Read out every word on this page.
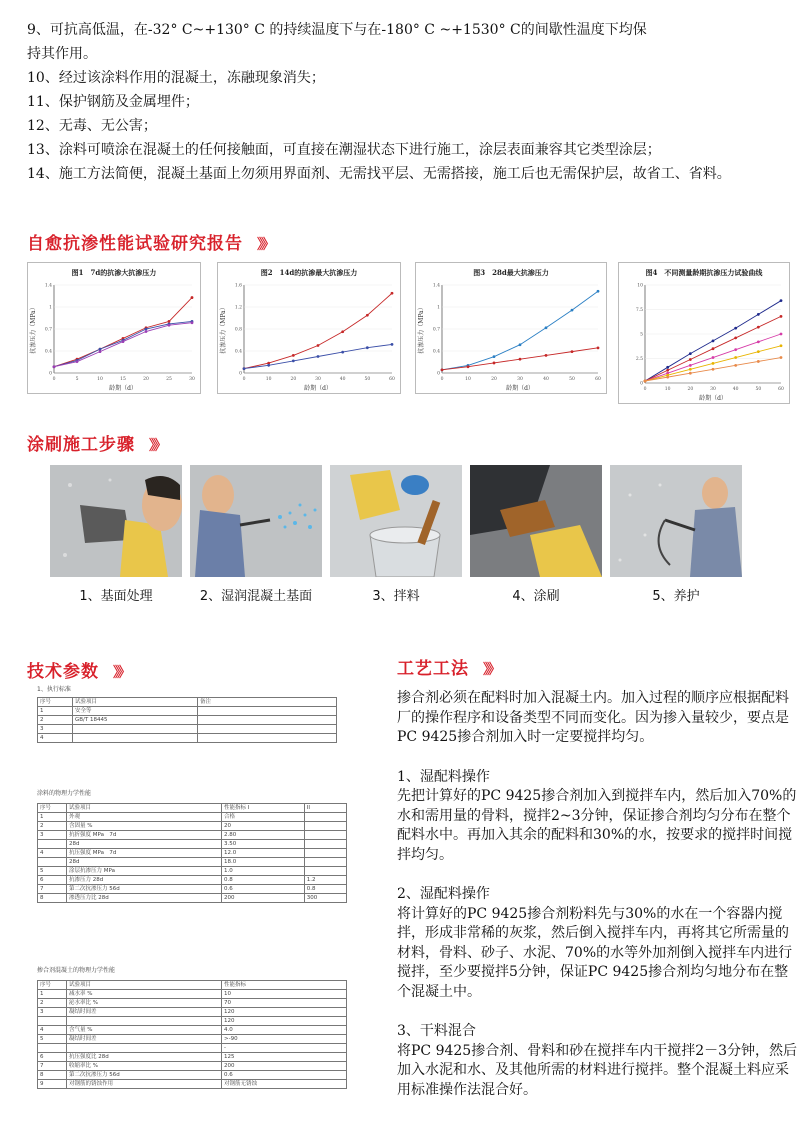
9、可抗高低温，在-32° C~+130° C 的持续温度下与在-180° C ~+1530° C的间歇性温度下均保
持其作用。
10、经过该涂料作用的混凝土，冻融现象消失；
11、保护钢筋及金属埋件；
12、无毒、无公害；
13、涂料可喷涂在混凝土的任何接触面，可直接在潮湿状态下进行施工，涂层表面兼容其它类型涂层；
14、施工方法简便，混凝土基面上勿须用界面剂、无需找平层、无需搭接，施工后也无需保护层，故省工、省料。
自愈抗渗性能试验研究报告 》》
图1　7d的抗渗大抗渗压力
0	5	10	15	20	25	30
0
0.4
0.7
1
1.4
龄期（d）
抗渗压力（MPa）
图2　14d的抗渗最大抗渗压力
0	10	20	30	40	50	60
0
0.4
0.8
1.2
1.6
龄期（d）
抗渗压力（MPa）
图3　28d最大抗渗压力
0	10	20	30	40	50	60
0
0.4
0.7
1
1.4
龄期（d）
抗渗压力（MPa）
图4　不同测量龄期抗渗压力试验曲线
0	10	20	30	40	50	60
0
2.5
5
7.5
10
龄期（d）
涂刷施工步骤 》》
1、基面处理	2、湿润混凝土基面	3、拌料	4、涂刷	5、养护
技术参数 》》
1、执行标准
序号	试验项目	备注
1	安全等	
2	GB/T 18445	
3		
4		
涂料的物理力学性能
序号	试验项目	性能指标 I	II
1	外观	合格	
2	含固量 %	20	
3	抗折强度 MPa　7d	2.80	
	28d	3.50	
4	抗压强度 MPa　7d	12.0	
	28d	18.0	
5	涂层抗渗压力 MPa	1.0	
6	抗渗压力 28d	0.8	1.2
7	第二次抗渗压力 56d	0.6	0.8
8	渗透压力比 28d	200	300
掺合剂混凝土的物理力学性能
序号	试验项目	性能指标
1	减水率 %	10
2	泌水率比 %	70
3	凝结时间差	120
		120
4	含气量 %	4.0
5	凝结时间差	>-90
		-
6	抗压强度比 28d	125
7	收缩率比 %	200
8	第二次抗渗压力 56d	0.6
9	对钢筋的锈蚀作用	对钢筋无锈蚀
工艺工法 》》

掺合剂必须在配料时加入混凝土内。加入过程的顺序应根据配料厂的操作程序和设备类型不同而变化。因为掺入量较少，要点是PC 9425掺合剂加入时一定要搅拌均匀。

1、湿配料操作

先把计算好的PC 9425掺合剂加入到搅拌车内，然后加入70%的水和需用量的骨料，搅拌2~3分钟，保证掺合剂均匀分布在整个配料水中。再加入其余的配料和30%的水，按要求的搅拌时间搅拌均匀。

2、湿配料操作

将计算好的PC 9425掺合剂粉料先与30%的水在一个容器内搅拌，形成非常稀的灰浆，然后倒入搅拌车内，再将其它所需量的材料，骨料、砂子、水泥、70%的水等外加剂倒入搅拌车内进行搅拌，至少要搅拌5分钟，保证PC 9425掺合剂均匀地分布在整个混凝土中。

3、干料混合

将PC 9425掺合剂、骨料和砂在搅拌车内干搅拌2－3分钟，然后加入水泥和水、及其他所需的材料进行搅拌。整个混凝土料应采用标准操作法混合好。
